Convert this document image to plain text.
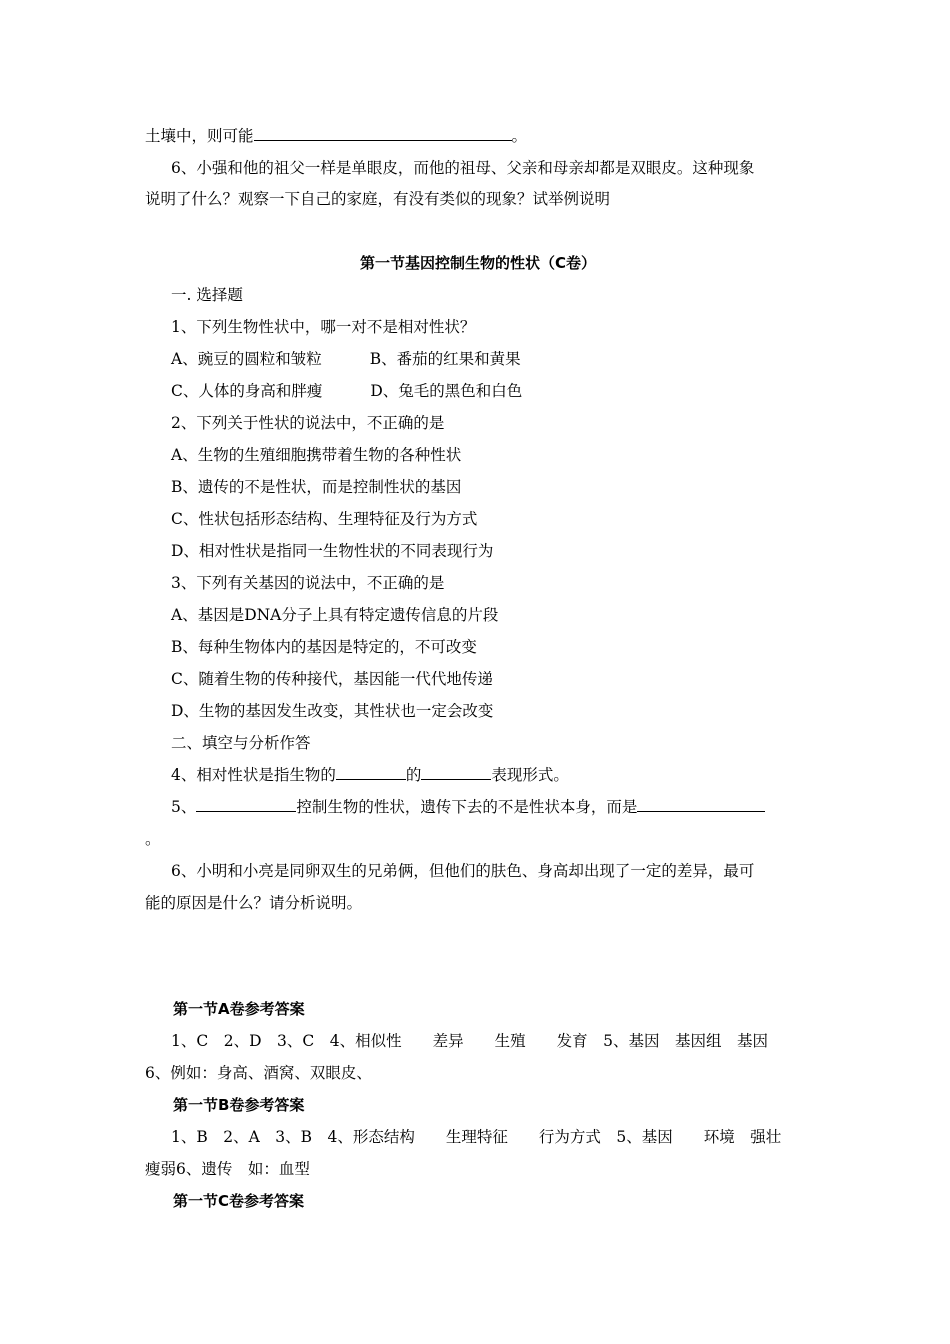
土壤中，则可能	。
6、小强和他的祖父一样是单眼皮，而他的祖母、父亲和母亲却都是双眼皮。这种现象
说明了什么？观察一下自己的家庭，有没有类似的现象？试举例说明
第一节基因控制生物的性状（C卷）
一. 选择题
1、下列生物性状中，哪一对不是相对性状？
A、豌豆的圆粒和皱粒	B、番茄的红果和黄果
C、人体的身高和胖瘦	D、兔毛的黑色和白色
2、下列关于性状的说法中，不正确的是
A、生物的生殖细胞携带着生物的各种性状
B、遗传的不是性状，而是控制性状的基因
C、性状包括形态结构、生理特征及行为方式
D、相对性状是指同一生物性状的不同表现行为
3、下列有关基因的说法中，不正确的是
A、基因是DNA分子上具有特定遗传信息的片段
B、每种生物体内的基因是特定的，不可改变
C、随着生物的传种接代，基因能一代代地传递
D、生物的基因发生改变，其性状也一定会改变
二、填空与分析作答
4、相对性状是指生物的	的	表现形式。
5、	控制生物的性状，遗传下去的不是性状本身，而是
。
6、小明和小亮是同卵双生的兄弟俩，但他们的肤色、身高却出现了一定的差异，最可
能的原因是什么？请分析说明。
第一节A卷参考答案
1、C　2、D　3、C　4、相似性　　差异　　生殖　　发育　5、基因　基因组　基因
6、例如：身高、酒窝、双眼皮、
第一节B卷参考答案
1、B　2、A　3、B　4、形态结构　　生理特征　　行为方式　5、基因　　环境　强壮
瘦弱6、遗传　如：血型
第一节C卷参考答案
